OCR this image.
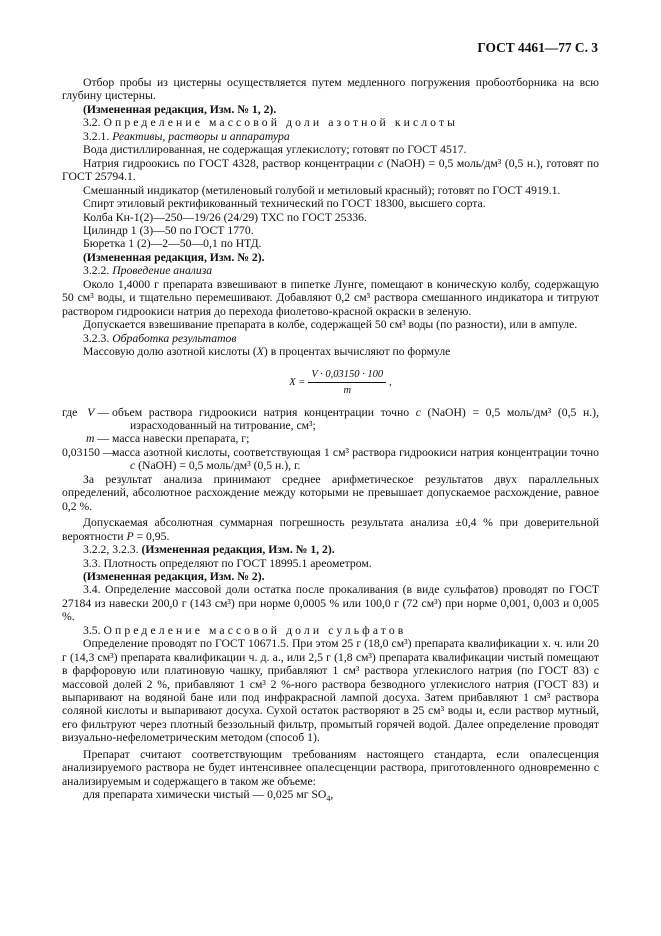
ГОСТ 4461—77 С. 3

Отбор пробы из цистерны осуществляется путем медленного погружения пробоотборника на всю глубину цистерны.

(Измененная редакция, Изм. № 1, 2).

3.2. Определение массовой доли азотной кислоты

3.2.1. Реактивы, растворы и аппаратура

Вода дистиллированная, не содержащая углекислоту; готовят по ГОСТ 4517.

Натрия гидроокись по ГОСТ 4328, раствор концентрации c (NaOH) = 0,5 моль/дм³ (0,5 н.), готовят по ГОСТ 25794.1.

Смешанный индикатор (метиленовый голубой и метиловый красный); готовят по ГОСТ 4919.1.

Спирт этиловый ректификованный технический по ГОСТ 18300, высшего сорта.

Колба Кн-1(2)—250—19/26 (24/29) ТХС по ГОСТ 25336.

Цилиндр 1 (3)—50 по ГОСТ 1770.

Бюретка 1 (2)—2—50—0,1 по НТД.

(Измененная редакция, Изм. № 2).

3.2.2. Проведение анализа

Около 1,4000 г препарата взвешивают в пипетке Лунге, помещают в коническую колбу, содержащую 50 см³ воды, и тщательно перемешивают. Добавляют 0,2 см³ раствора смешанного индикатора и титруют раствором гидроокиси натрия до перехода фиолетово-красной окраски в зеленую.

Допускается взвешивание препарата в колбе, содержащей 50 см³ воды (по разности), или в ампуле.

3.2.3. Обработка результатов

Массовую долю азотной кислоты (X) в процентах вычисляют по формуле

$X = \frac{V \cdot 0,03150 \cdot 100}{m}$ ,
где V — объем раствора гидроокиси натрия концентрации точно c (NaOH) = 0,5 моль/дм³ (0,5 н.), израсходованный на титрование, см³;
m — масса навески препарата, г;
0,03150 —
масса азотной кислоты, соответствующая 1 см³ раствора гидроокиси натрия концентрации точно c (NaOH) = 0,5 моль/дм³ (0,5 н.), г.

За результат анализа принимают среднее арифметическое результатов двух параллельных определений, абсолютное расхождение между которыми не превышает допускаемое расхождение, равное 0,2 %.

Допускаемая абсолютная суммарная погрешность результата анализа ±0,4 % при доверительной вероятности P = 0,95.

3.2.2, 3.2.3. (Измененная редакция, Изм. № 1, 2).

3.3. Плотность определяют по ГОСТ 18995.1 ареометром.

(Измененная редакция, Изм. № 2).

3.4. Определение массовой доли остатка после прокаливания (в виде сульфатов) проводят по ГОСТ 27184 из навески 200,0 г (143 см³) при норме 0,0005 % или 100,0 г (72 см³) при норме 0,001, 0,003 и 0,005 %.

3.5. Определение массовой доли сульфатов

Определение проводят по ГОСТ 10671.5. При этом 25 г (18,0 см³) препарата квалификации х. ч. или 20 г (14,3 см³) препарата квалификации ч. д. а., или 2,5 г (1,8 см³) препарата квалификации чистый помещают в фарфоровую или платиновую чашку, прибавляют 1 см³ раствора углекислого натрия (по ГОСТ 83) с массовой долей 2 %, прибавляют 1 см³ 2 %-ного раствора безводного углекислого натрия (ГОСТ 83) и выпаривают на водяной бане или под инфракрасной лампой досуха. Затем прибавляют 1 см³ раствора соляной кислоты и выпаривают досуха. Сухой остаток растворяют в 25 см³ воды и, если раствор мутный, его фильтруют через плотный беззольный фильтр, промытый горячей водой. Далее определение проводят визуально-нефелометрическим методом (способ 1).

Препарат считают соответствующим требованиям настоящего стандарта, если опалесценция анализируемого раствора не будет интенсивнее опалесценции раствора, приготовленного одновременно с анализируемым и содержащего в таком же объеме:

для препарата химически чистый — 0,025 мг $SO_4$,
